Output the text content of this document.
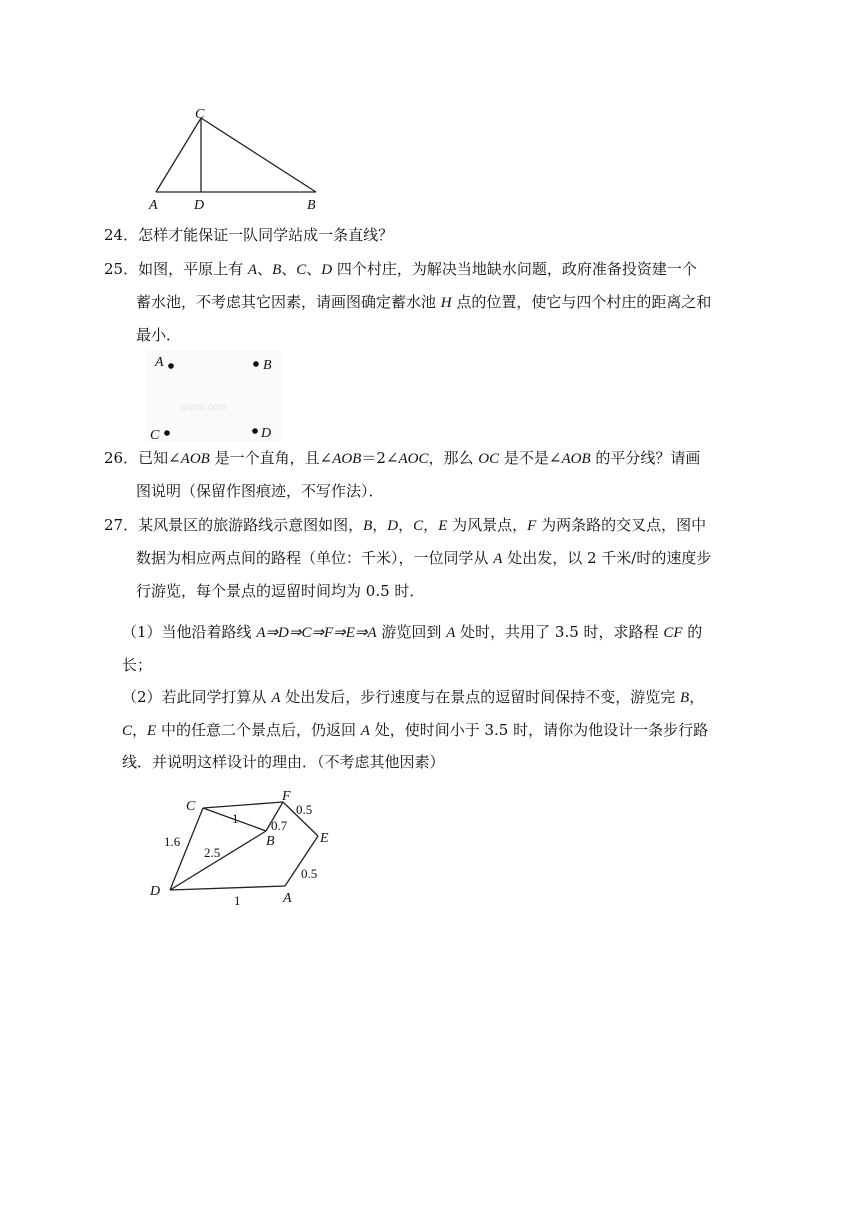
C
A	D	B
24．怎样才能保证一队同学站成一条直线？
25．如图，平原上有 A、B、C、D 四个村庄，为解决当地缺水问题，政府准备投资建一个
蓄水池，不考虑其它因素，请画图确定蓄水池 H 点的位置，使它与四个村庄的距离之和
最小．
jyeoo.com
A	B
C	D
26．已知∠AOB 是一个直角，且∠AOB＝2∠AOC，那么 OC 是不是∠AOB 的平分线？请画
图说明（保留作图痕迹，不写作法）．
27．某风景区的旅游路线示意图如图，B，D，C，E 为风景点，F 为两条路的交叉点，图中
数据为相应两点间的路程（单位：千米），一位同学从 A 处出发，以 2 千米/时的速度步
行游览，每个景点的逗留时间均为 0.5 时．
（1）当他沿着路线 A⇒D⇒C⇒F⇒E⇒A 游览回到 A 处时，共用了 3.5 时，求路程 CF 的
长；
（2）若此同学打算从 A 处出发后，步行速度与在景点的逗留时间保持不变，游览完 B，
C，E 中的任意二个景点后，仍返回 A 处，使时间小于 3.5 时，请你为他设计一条步行路
线．并说明这样设计的理由．（不考虑其他因素）
C
F
E
B
D	A
1.6
1
2.5
0.7
0.5
0.5
1
